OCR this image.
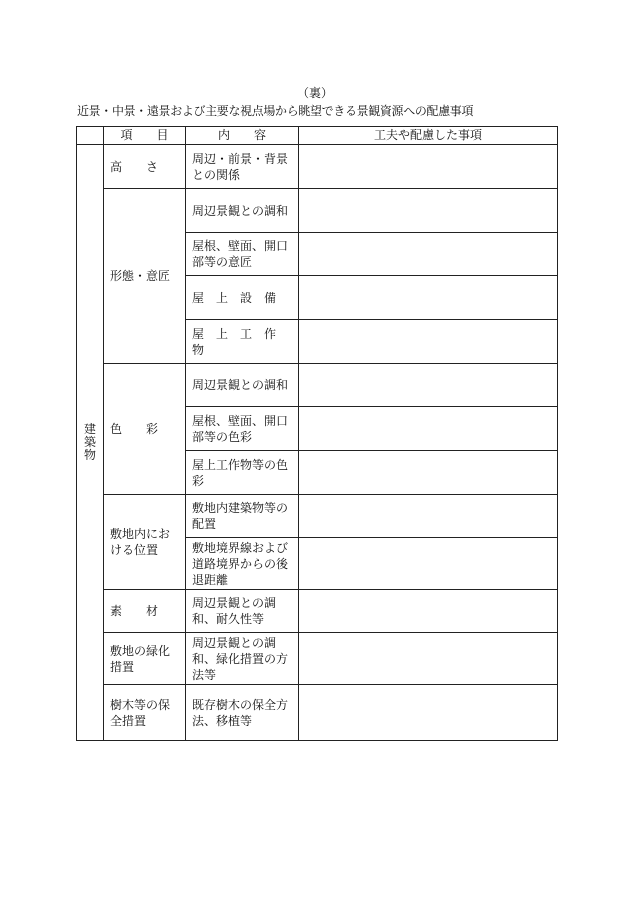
（裏）
近景・中景・遠景および主要な視点場から眺望できる景観資源への配慮事項
	項　　目	内　　容	工夫や配慮した事項
建築物	高　　さ	周辺・前景・背景との関係	
	形態・意匠	周辺景観との調和	
		屋根、壁面、開口部等の意匠	
		屋　上　設　備	
		屋　上　工　作　物	
	色　　彩	周辺景観との調和	
		屋根、壁面、開口部等の色彩	
		屋上工作物等の色彩	
	敷地内における位置	敷地内建築物等の配置	
		敷地境界線および道路境界からの後退距離	
	素　　材	周辺景観との調和、耐久性等	
	敷地の緑化措置	周辺景観との調和、緑化措置の方法等	
	樹木等の保全措置	既存樹木の保全方法、移植等	
